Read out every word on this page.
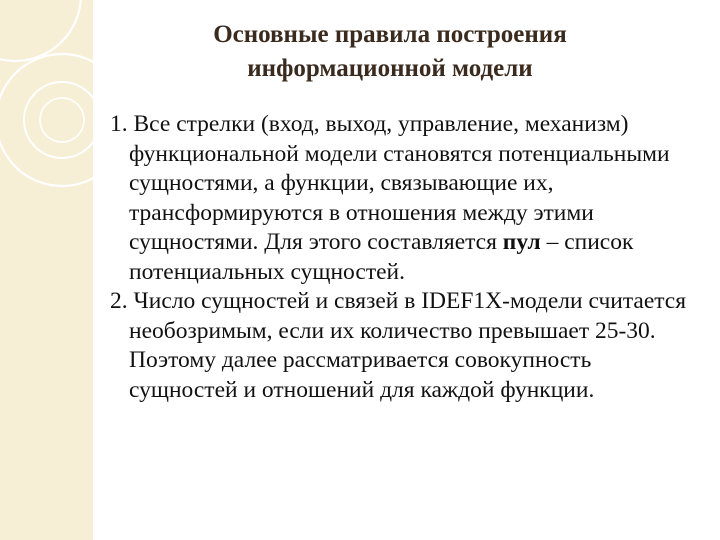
Основные правила построения
информационной модели

1. Все стрелки (вход, выход, управление, механизм) функциональной модели становятся потенциальными сущностями, а функции, связывающие их, трансформируются в отношения между этими сущностями. Для этого составляется пул – список потенциальных сущностей.

2. Число сущностей и связей в IDEF1X-модели считается необозримым, если их количество превышает 25-30. Поэтому далее рассматривается совокупность сущностей и отношений для каждой функции.
